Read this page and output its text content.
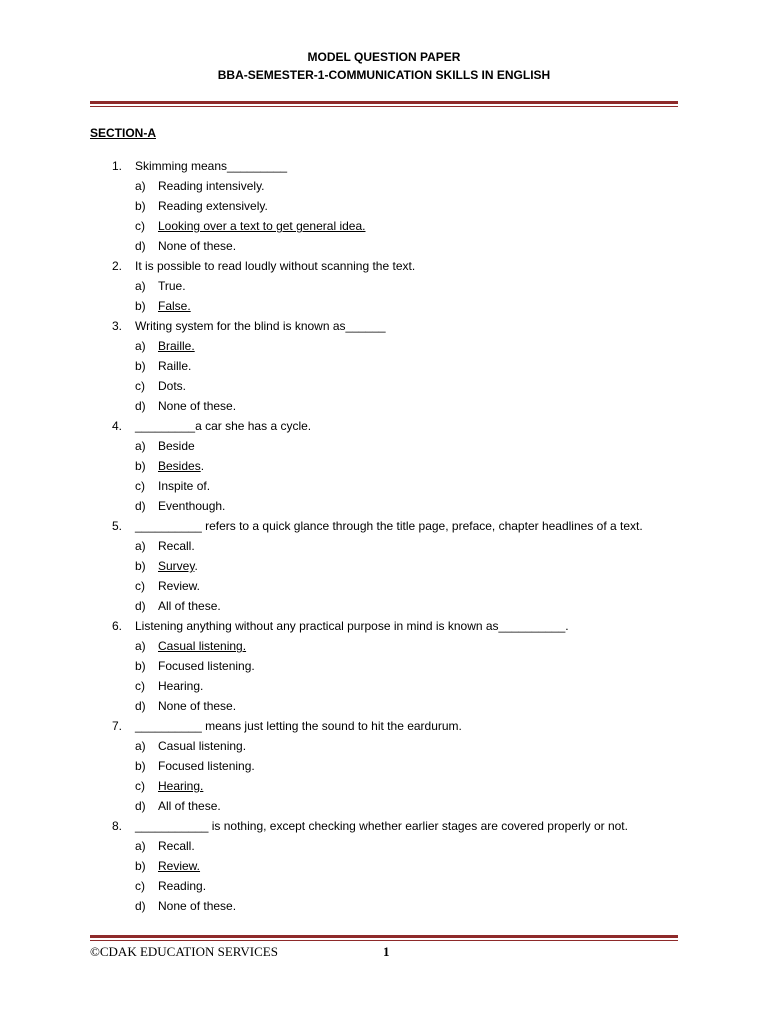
MODEL QUESTION PAPER
BBA-SEMESTER-1-COMMUNICATION SKILLS IN ENGLISH
SECTION-A
1.	Skimming means_________
a)	Reading intensively.
b)	Reading extensively.
c)	Looking over a text to get general idea.
d)	None of these.
2.	It is possible to read loudly without scanning the text.
a)	True.
b)	False.
3.	Writing system for the blind is known as______
a)	Braille.
b)	Raille.
c)	Dots.
d)	None of these.
4.	_________a car she has a cycle.
a)	Beside
b)	Besides.
c)	Inspite of.
d)	Eventhough.
5.	__________ refers to a quick glance through the title page, preface, chapter headlines of a text.
a)	Recall.
b)	Survey.
c)	Review.
d)	All of these.
6.	Listening anything without any practical purpose in mind is known as__________.
a)	Casual listening.
b)	Focused listening.
c)	Hearing.
d)	None of these.
7.	__________ means just letting the sound to hit the eardurum.
a)	Casual listening.
b)	Focused listening.
c)	Hearing.
d)	All of these.
8.	___________ is nothing, except checking whether earlier stages are covered properly or not.
a)	Recall.
b)	Review.
c)	Reading.
d)	None of these.
©CDAK EDUCATION SERVICES	1
